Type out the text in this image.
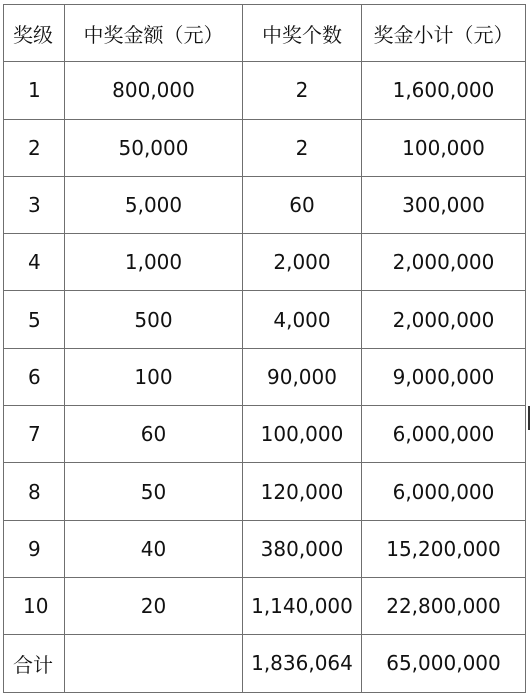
奖级	中奖金额（元）	中奖个数	奖金小计（元）
1	800,000	2	1,600,000
2	50,000	2	100,000
3	5,000	60	300,000
4	1,000	2,000	2,000,000
5	500	4,000	2,000,000
6	100	90,000	9,000,000
7	60	100,000	6,000,000
8	50	120,000	6,000,000
9	40	380,000	15,200,000
10	20	1,140,000	22,800,000
合计		1,836,064	65,000,000
